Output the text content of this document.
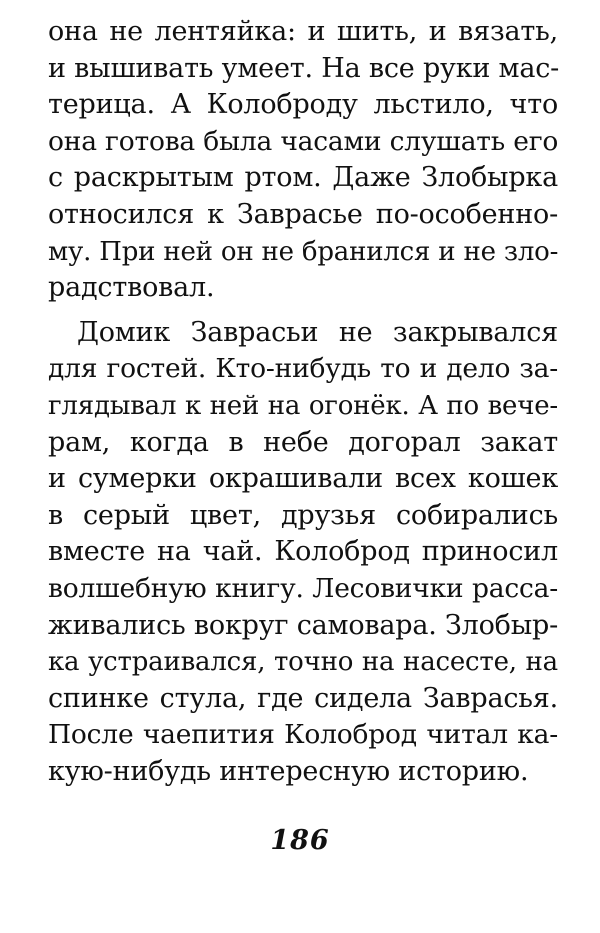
она не лентяйка: и шить, и вязать,
и вышивать умеет. На все руки мас-
терица. А Колоброду льстило, что
она готова была часами слушать его
с раскрытым ртом. Даже Злобырка
относился к Заврасье по-особенно-
му. При ней он не бранился и не зло-
радствовал.
Домик Заврасьи не закрывался
для гостей. Кто-нибудь то и дело за-
глядывал к ней на огонёк. А по вече-
рам, когда в небе догорал закат
и сумерки окрашивали всех кошек
в серый цвет, друзья собирались
вместе на чай. Колоброд приносил
волшебную книгу. Лесовички расса-
живались вокруг самовара. Злобыр-
ка устраивался, точно на насесте, на
спинке стула, где сидела Заврасья.
После чаепития Колоброд читал ка-
кую-нибудь интересную историю.
186
